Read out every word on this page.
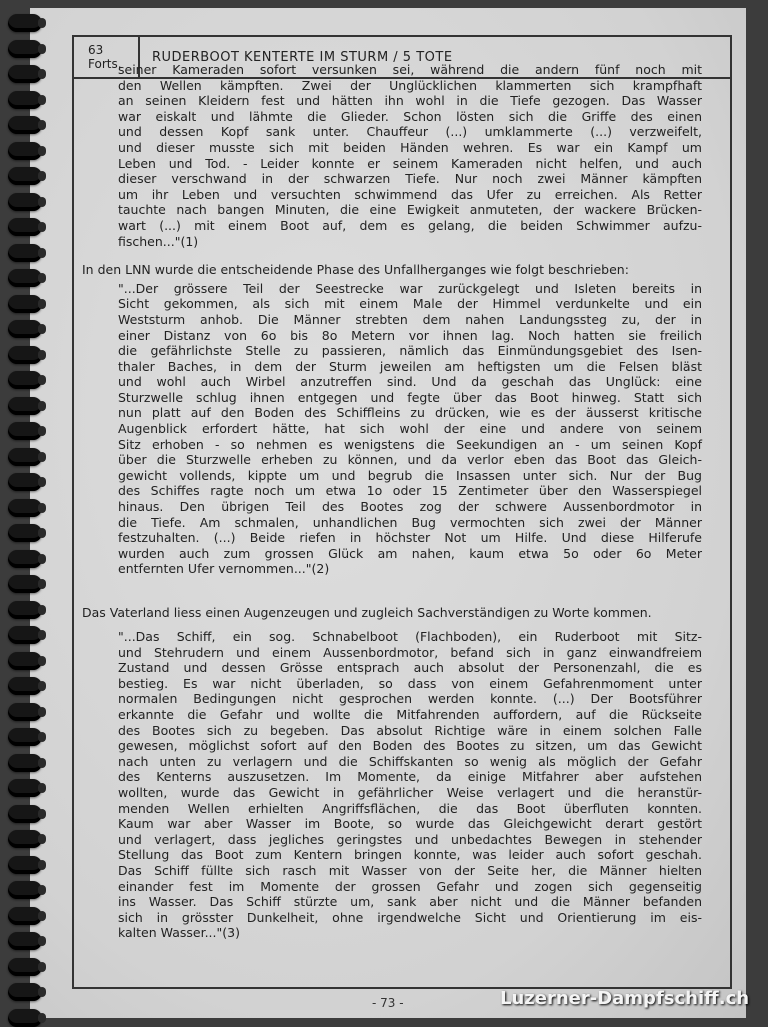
63
Forts.	RUDERBOOT KENTERTE IM STURM / 5 TOTE
seiner Kameraden sofort versunken sei, während die andern fünf noch mit
den Wellen kämpften. Zwei der Unglücklichen klammerten sich krampfhaft
an seinen Kleidern fest und hätten ihn wohl in die Tiefe gezogen. Das Wasser
war eiskalt und lähmte die Glieder. Schon lösten sich die Griffe des einen
und dessen Kopf sank unter. Chauffeur (...) umklammerte (...) verzweifelt,
und dieser musste sich mit beiden Händen wehren. Es war ein Kampf um
Leben und Tod. - Leider konnte er seinem Kameraden nicht helfen, und auch
dieser verschwand in der schwarzen Tiefe. Nur noch zwei Männer kämpften
um ihr Leben und versuchten schwimmend das Ufer zu erreichen. Als Retter
tauchte nach bangen Minuten, die eine Ewigkeit anmuteten, der wackere Brücken-
wart (...) mit einem Boot auf, dem es gelang, die beiden Schwimmer aufzu-
fischen..."(1)
In den LNN wurde die entscheidende Phase des Unfallherganges wie folgt beschrieben:
"...Der grössere Teil der Seestrecke war zurückgelegt und Isleten bereits in
Sicht gekommen, als sich mit einem Male der Himmel verdunkelte und ein
Weststurm anhob. Die Männer strebten dem nahen Landungssteg zu, der in
einer Distanz von 6o bis 8o Metern vor ihnen lag. Noch hatten sie freilich
die gefährlichste Stelle zu passieren, nämlich das Einmündungsgebiet des Isen-
thaler Baches, in dem der Sturm jeweilen am heftigsten um die Felsen bläst
und wohl auch Wirbel anzutreffen sind. Und da geschah das Unglück: eine
Sturzwelle schlug ihnen entgegen und fegte über das Boot hinweg. Statt sich
nun platt auf den Boden des Schiffleins zu drücken, wie es der äusserst kritische
Augenblick erfordert hätte, hat sich wohl der eine und andere von seinem
Sitz erhoben - so nehmen es wenigstens die Seekundigen an - um seinen Kopf
über die Sturzwelle erheben zu können, und da verlor eben das Boot das Gleich-
gewicht vollends, kippte um und begrub die Insassen unter sich. Nur der Bug
des Schiffes ragte noch um etwa 1o oder 15 Zentimeter über den Wasserspiegel
hinaus. Den übrigen Teil des Bootes zog der schwere Aussenbordmotor in
die Tiefe. Am schmalen, unhandlichen Bug vermochten sich zwei der Männer
festzuhalten. (...) Beide riefen in höchster Not um Hilfe. Und diese Hilferufe
wurden auch zum grossen Glück am nahen, kaum etwa 5o oder 6o Meter
entfernten Ufer vernommen..."(2)
Das Vaterland liess einen Augenzeugen und zugleich Sachverständigen zu Worte kommen.
"...Das Schiff, ein sog. Schnabelboot (Flachboden), ein Ruderboot mit Sitz-
und Stehrudern und einem Aussenbordmotor, befand sich in ganz einwandfreiem
Zustand und dessen Grösse entsprach auch absolut der Personenzahl, die es
bestieg. Es war nicht überladen, so dass von einem Gefahrenmoment unter
normalen Bedingungen nicht gesprochen werden konnte. (...) Der Bootsführer
erkannte die Gefahr und wollte die Mitfahrenden auffordern, auf die Rückseite
des Bootes sich zu begeben. Das absolut Richtige wäre in einem solchen Falle
gewesen, möglichst sofort auf den Boden des Bootes zu sitzen, um das Gewicht
nach unten zu verlagern und die Schiffskanten so wenig als möglich der Gefahr
des Kenterns auszusetzen. Im Momente, da einige Mitfahrer aber aufstehen
wollten, wurde das Gewicht in gefährlicher Weise verlagert und die heranstür-
menden Wellen erhielten Angriffsflächen, die das Boot überfluten konnten.
Kaum war aber Wasser im Boote, so wurde das Gleichgewicht derart gestört
und verlagert, dass jegliches geringstes und unbedachtes Bewegen in stehender
Stellung das Boot zum Kentern bringen konnte, was leider auch sofort geschah.
Das Schiff füllte sich rasch mit Wasser von der Seite her, die Männer hielten
einander fest im Momente der grossen Gefahr und zogen sich gegenseitig
ins Wasser. Das Schiff stürzte um, sank aber nicht und die Männer befanden
sich in grösster Dunkelheit, ohne irgendwelche Sicht und Orientierung im eis-
kalten Wasser..."(3)
- 73 -	Luzerner-Dampfschiff.ch
